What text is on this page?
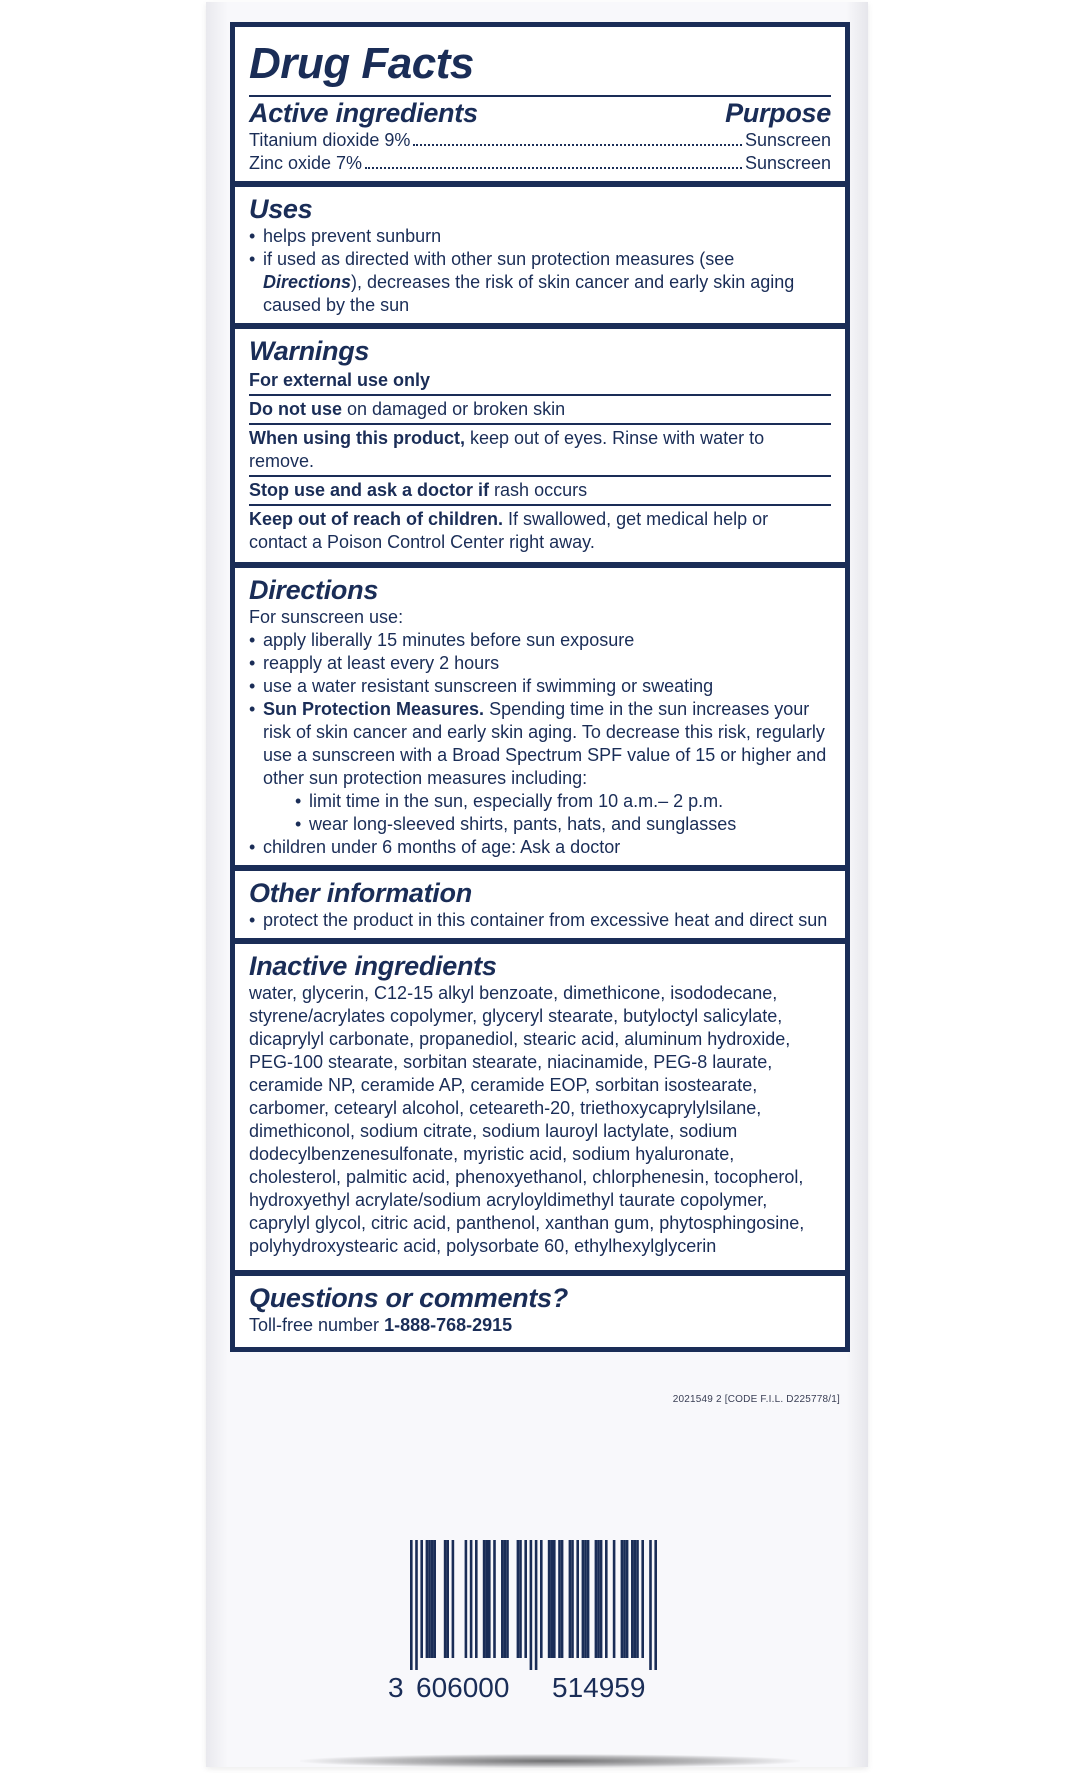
Drug Facts
Active ingredients	Purpose
Titanium dioxide 9%	Sunscreen
Zinc oxide 7%	Sunscreen
Uses
• helps prevent sunburn
• if used as directed with other sun protection measures (see Directions), decreases the risk of skin cancer and early skin aging caused by the sun
Warnings
For external use only
Do not use on damaged or broken skin
When using this product, keep out of eyes. Rinse with water to remove.
Stop use and ask a doctor if rash occurs
Keep out of reach of children. If swallowed, get medical help or contact a Poison Control Center right away.
Directions
For sunscreen use:
• apply liberally 15 minutes before sun exposure
• reapply at least every 2 hours
• use a water resistant sunscreen if swimming or sweating
• Sun Protection Measures. Spending time in the sun increases your risk of skin cancer and early skin aging. To decrease this risk, regularly use a sunscreen with a Broad Spectrum SPF value of 15 or higher and other sun protection measures including:
• limit time in the sun, especially from 10 a.m.– 2 p.m.
• wear long-sleeved shirts, pants, hats, and sunglasses
• children under 6 months of age: Ask a doctor
Other information
• protect the product in this container from excessive heat and direct sun
Inactive ingredients
water, glycerin, C12-15 alkyl benzoate, dimethicone, isododecane, styrene/acrylates copolymer, glyceryl stearate, butyloctyl salicylate, dicaprylyl carbonate, propanediol, stearic acid, aluminum hydroxide, PEG-100 stearate, sorbitan stearate, niacinamide, PEG-8 laurate, ceramide NP, ceramide AP, ceramide EOP, sorbitan isostearate, carbomer, cetearyl alcohol, ceteareth-20, triethoxycaprylylsilane, dimethiconol, sodium citrate, sodium lauroyl lactylate, sodium dodecylbenzenesulfonate, myristic acid, sodium hyaluronate, cholesterol, palmitic acid, phenoxyethanol, chlorphenesin, tocopherol, hydroxyethyl acrylate/sodium acryloyldimethyl taurate copolymer, caprylyl glycol, citric acid, panthenol, xanthan gum, phytosphingosine, polyhydroxystearic acid, polysorbate 60, ethylhexylglycerin
Questions or comments?
Toll-free number 1-888-768-2915
2021549 2 [CODE F.I.L. D225778/1]
3 606000 514959
